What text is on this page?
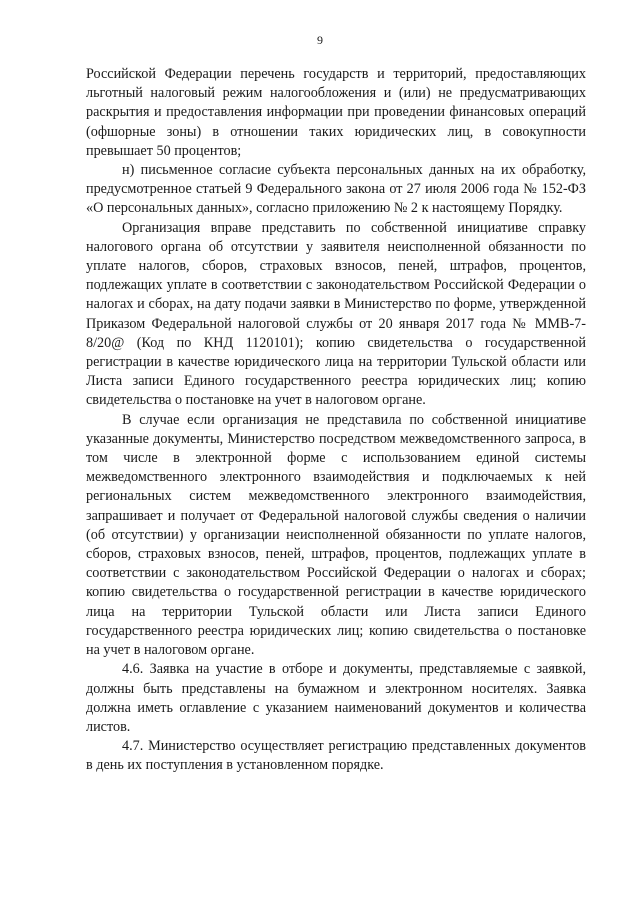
9

Российской Федерации перечень государств и территорий, предоставляющих льготный налоговый режим налогообложения и (или) не предусматривающих раскрытия и предоставления информации при проведении финансовых операций (офшорные зоны) в отношении таких юридических лиц, в совокупности превышает 50 процентов;

н) письменное согласие субъекта персональных данных на их обработку, предусмотренное статьей 9 Федерального закона от 27 июля 2006 года № 152-ФЗ «О персональных данных», согласно приложению № 2 к настоящему Порядку.

Организация вправе представить по собственной инициативе справку налогового органа об отсутствии у заявителя неисполненной обязанности по уплате налогов, сборов, страховых взносов, пеней, штрафов, процентов, подлежащих уплате в соответствии с законодательством Российской Федерации о налогах и сборах, на дату подачи заявки в Министерство по форме, утвержденной Приказом Федеральной налоговой службы от 20 января 2017 года № ММВ-7-8/20@ (Код по КНД 1120101); копию свидетельства о государственной регистрации в качестве юридического лица на территории Тульской области или Листа записи Единого государственного реестра юридических лиц; копию свидетельства о постановке на учет в налоговом органе.

В случае если организация не представила по собственной инициативе указанные документы, Министерство посредством межведомственного запроса, в том числе в электронной форме с использованием единой системы межведомственного электронного взаимодействия и подключаемых к ней региональных систем межведомственного электронного взаимодействия, запрашивает и получает от Федеральной налоговой службы сведения о наличии (об отсутствии) у организации неисполненной обязанности по уплате налогов, сборов, страховых взносов, пеней, штрафов, процентов, подлежащих уплате в соответствии с законодательством Российской Федерации о налогах и сборах; копию свидетельства о государственной регистрации в качестве юридического лица на территории Тульской области или Листа записи Единого государственного реестра юридических лиц; копию свидетельства о постановке на учет в налоговом органе.

4.6. Заявка на участие в отборе и документы, представляемые с заявкой, должны быть представлены на бумажном и электронном носителях. Заявка должна иметь оглавление с указанием наименований документов и количества листов.

4.7. Министерство осуществляет регистрацию представленных документов в день их поступления в установленном порядке.
